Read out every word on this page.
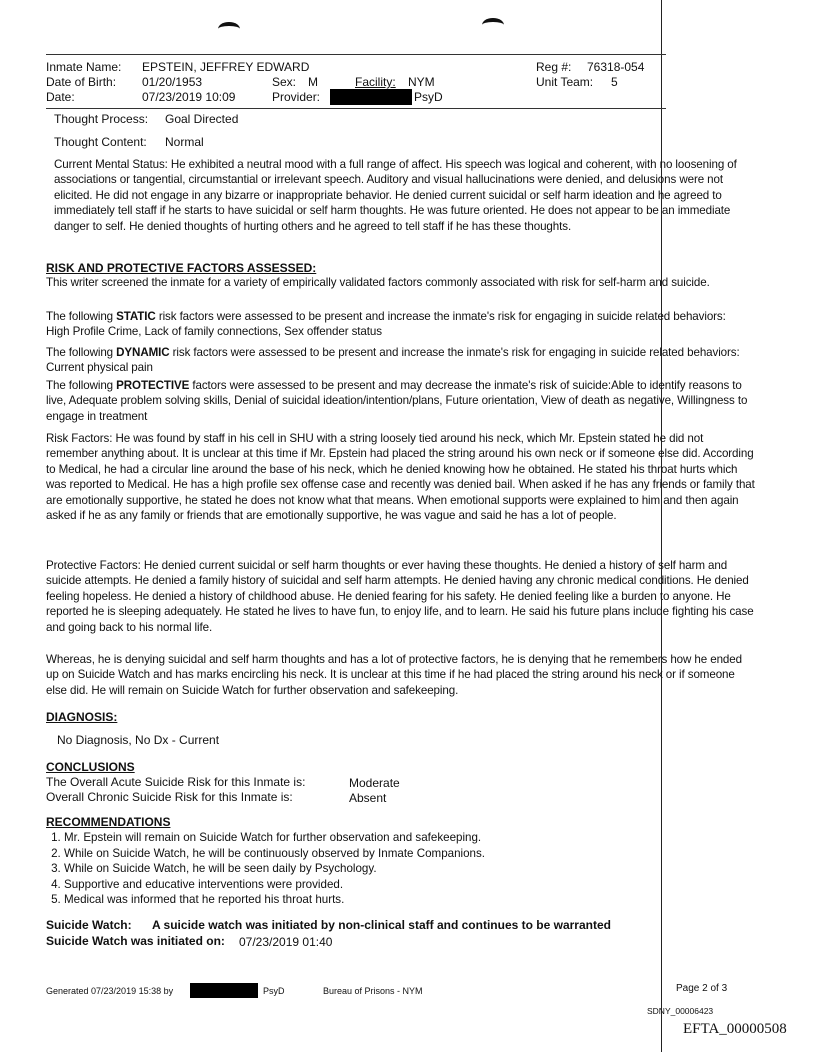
Inmate Name: EPSTEIN, JEFFREY EDWARD
Date of Birth: 01/20/1953	Sex: M	Facility: NYM
Date:	07/23/2019 10:09	Provider:	PsyD
Reg #: 76318-054
Unit Team: 5
Thought Process: Goal Directed
Thought Content: Normal
Current Mental Status: He exhibited a neutral mood with a full range of affect. His speech was logical and coherent, with no loosening of associations or tangential, circumstantial or irrelevant speech. Auditory and visual hallucinations were denied, and delusions were not elicited. He did not engage in any bizarre or inappropriate behavior. He denied current suicidal or self harm ideation and he agreed to immediately tell staff if he starts to have suicidal or self harm thoughts. He was future oriented. He does not appear to be an immediate danger to self. He denied thoughts of hurting others and he agreed to tell staff if he has these thoughts.
RISK AND PROTECTIVE FACTORS ASSESSED:
This writer screened the inmate for a variety of empirically validated factors commonly associated with risk for self-harm and suicide.
The following STATIC risk factors were assessed to be present and increase the inmate's risk for engaging in suicide related behaviors: High Profile Crime, Lack of family connections, Sex offender status
The following DYNAMIC risk factors were assessed to be present and increase the inmate's risk for engaging in suicide related behaviors: Current physical pain
The following PROTECTIVE factors were assessed to be present and may decrease the inmate's risk of suicide:Able to identify reasons to live, Adequate problem solving skills, Denial of suicidal ideation/intention/plans, Future orientation, View of death as negative, Willingness to engage in treatment
Risk Factors: He was found by staff in his cell in SHU with a string loosely tied around his neck, which Mr. Epstein stated he did not remember anything about. It is unclear at this time if Mr. Epstein had placed the string around his own neck or if someone else did. According to Medical, he had a circular line around the base of his neck, which he denied knowing how he obtained. He stated his throat hurts which was reported to Medical. He has a high profile sex offense case and recently was denied bail. When asked if he has any friends or family that are emotionally supportive, he stated he does not know what that means. When emotional supports were explained to him and then again asked if he as any family or friends that are emotionally supportive, he was vague and said he has a lot of people.
Protective Factors: He denied current suicidal or self harm thoughts or ever having these thoughts. He denied a history of self harm and suicide attempts. He denied a family history of suicidal and self harm attempts. He denied having any chronic medical conditions. He denied feeling hopeless. He denied a history of childhood abuse. He denied fearing for his safety. He denied feeling like a burden to anyone. He reported he is sleeping adequately. He stated he lives to have fun, to enjoy life, and to learn. He said his future plans include fighting his case and going back to his normal life.
Whereas, he is denying suicidal and self harm thoughts and has a lot of protective factors, he is denying that he remembers how he ended up on Suicide Watch and has marks encircling his neck. It is unclear at this time if he had placed the string around his neck or if someone else did. He will remain on Suicide Watch for further observation and safekeeping.
DIAGNOSIS:
No Diagnosis, No Dx - Current
CONCLUSIONS
The Overall Acute Suicide Risk for this Inmate is:	Moderate
Overall Chronic Suicide Risk for this Inmate is:	Absent
RECOMMENDATIONS
1. Mr. Epstein will remain on Suicide Watch for further observation and safekeeping.
2. While on Suicide Watch, he will be continuously observed by Inmate Companions.
3. While on Suicide Watch, he will be seen daily by Psychology.
4. Supportive and educative interventions were provided.
5. Medical was informed that he reported his throat hurts.
Suicide Watch: A suicide watch was initiated by non-clinical staff and continues to be warranted
Suicide Watch was initiated on: 07/23/2019 01:40
Generated 07/23/2019 15:38 by	PsyD	Bureau of Prisons - NYM	Page 2 of 3
SDNY_00006423
EFTA_00000508
